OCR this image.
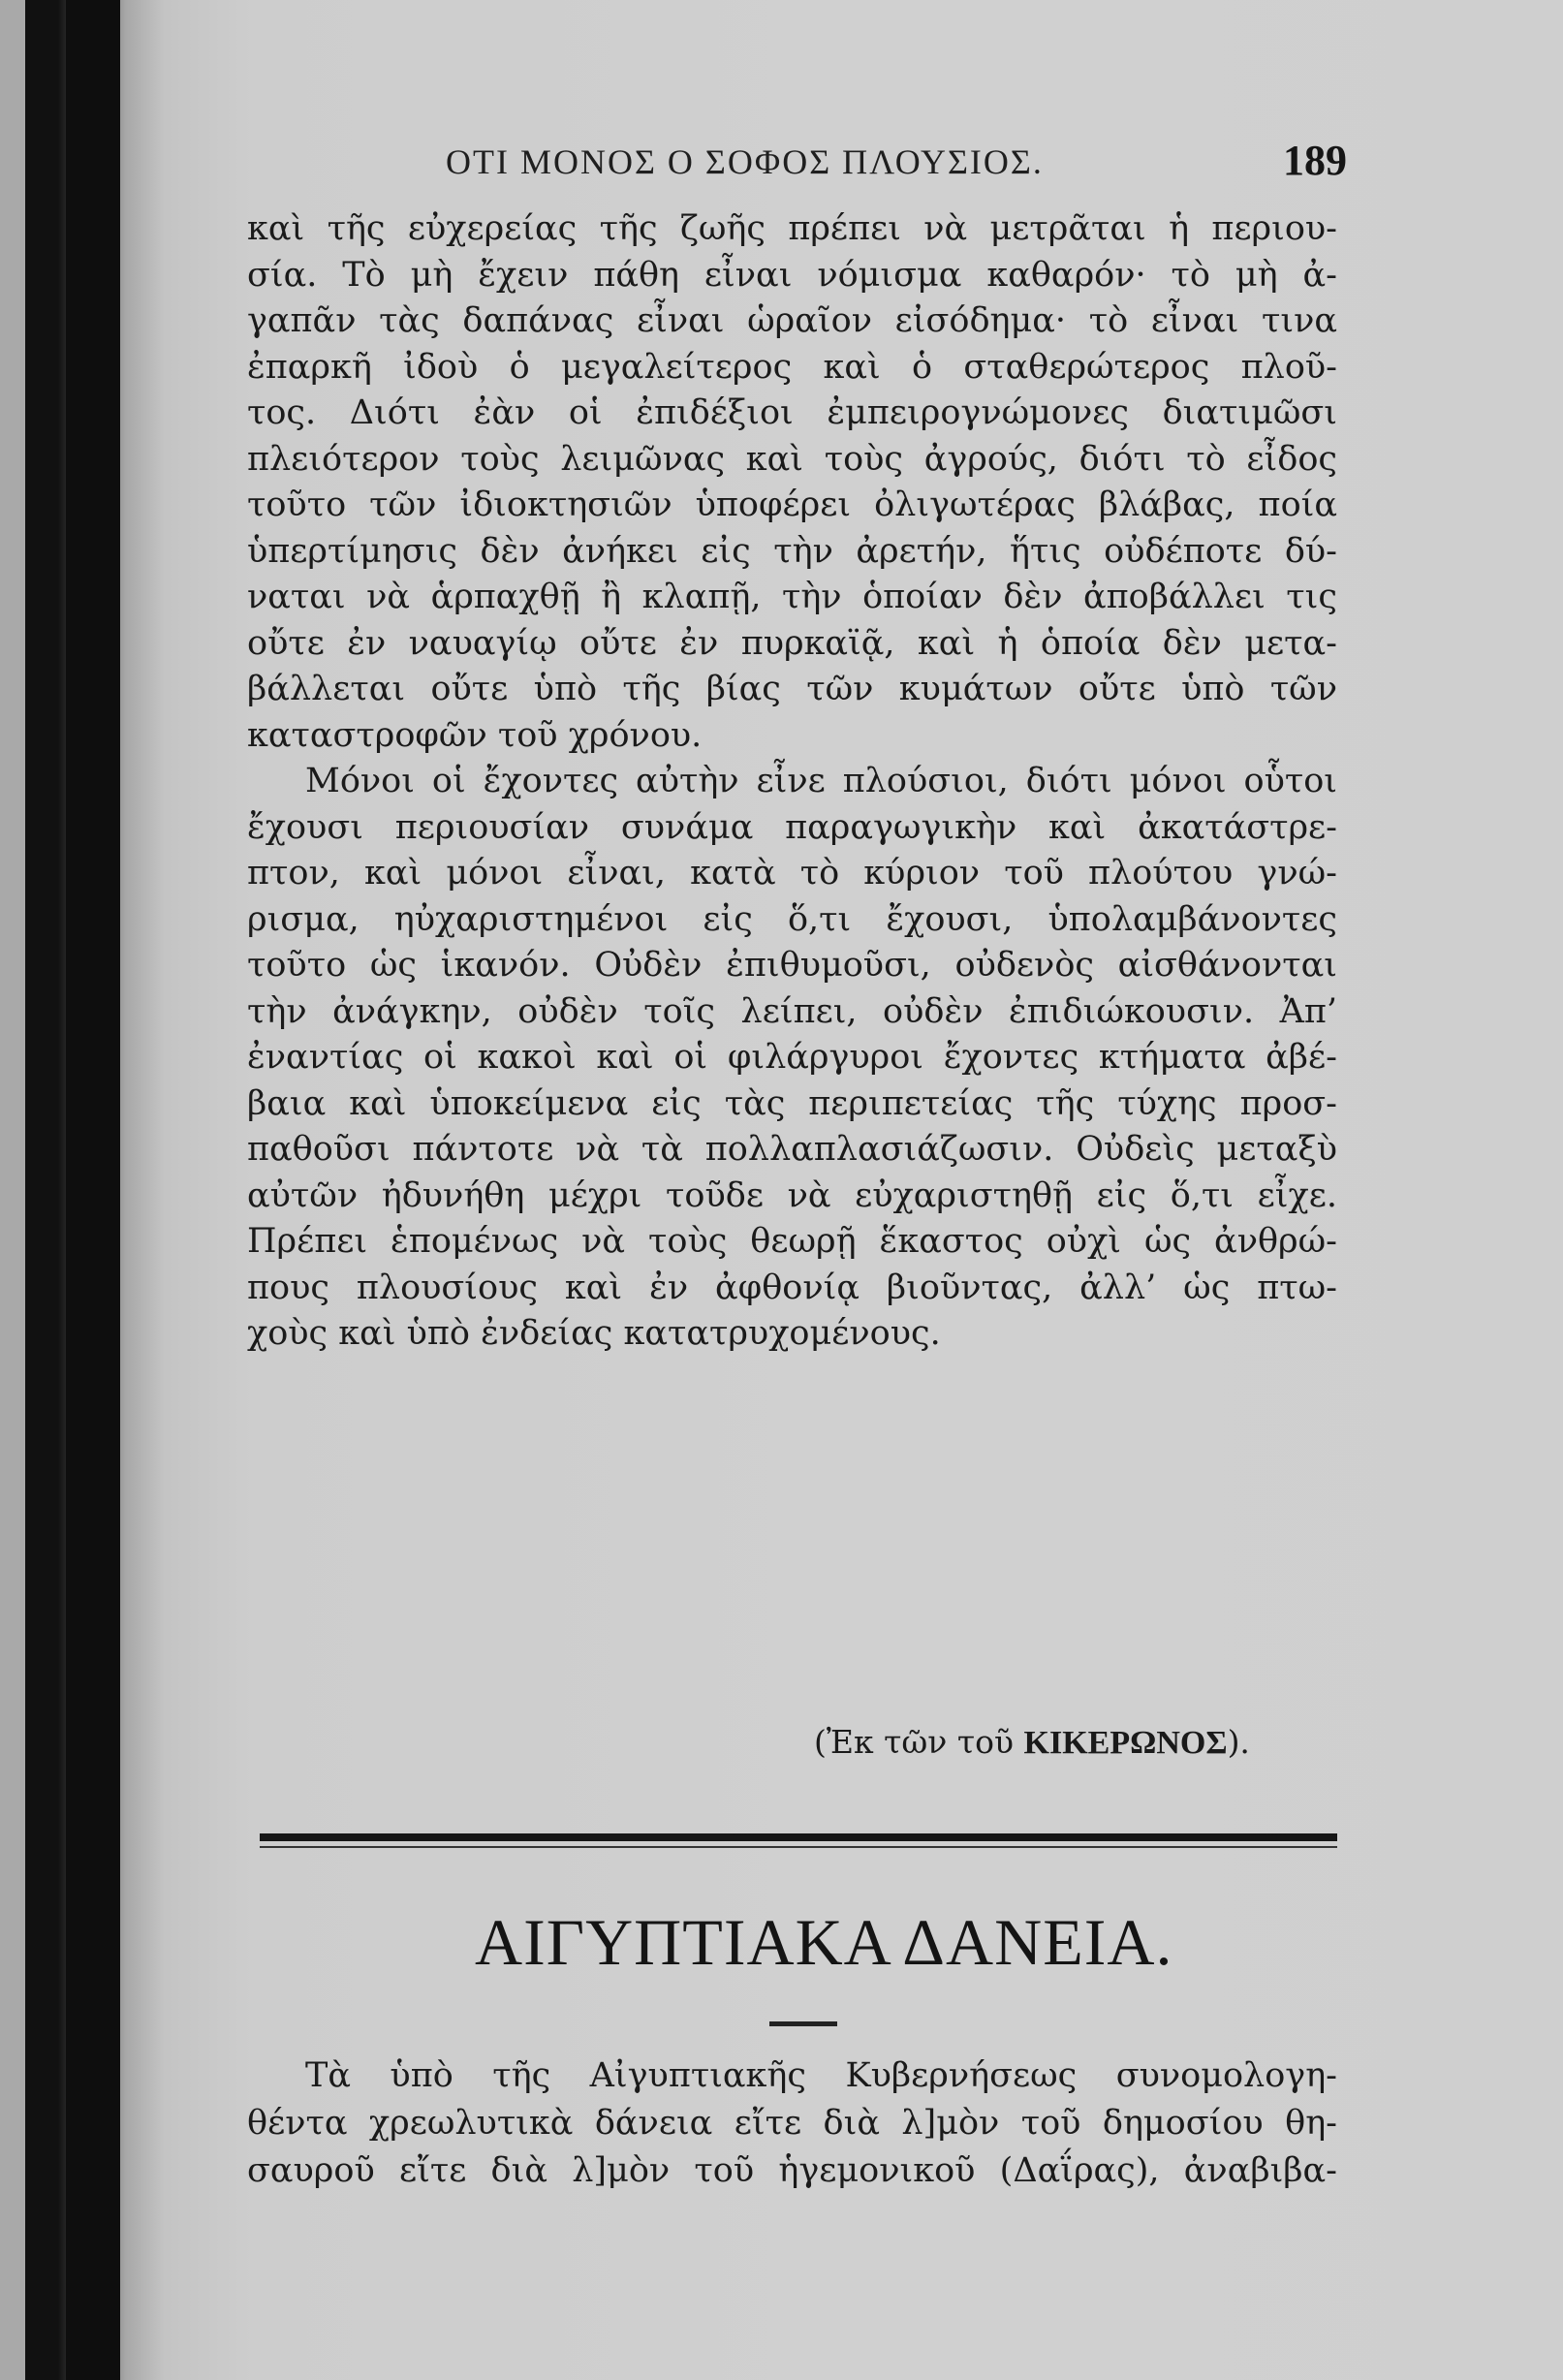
ΟΤΙ ΜΟΝΟΣ Ο ΣΟΦΟΣ ΠΛΟΥΣΙΟΣ.	189
καὶ τῆς εὐχερείας τῆς ζωῆς πρέπει νὰ μετρᾶται ἡ περιου-
σία. Τὸ μὴ ἔχειν πάθη εἶναι νόμισμα καθαρόν· τὸ μὴ ἀ-
γαπᾶν τὰς δαπάνας εἶναι ὡραῖον εἰσόδημα· τὸ εἶναι τινα
ἐπαρκῆ ἰδοὺ ὁ μεγαλείτερος καὶ ὁ σταθερώτερος πλοῦ-
τος. Διότι ἐὰν οἱ ἐπιδέξιοι ἐμπειρογνώμονες διατιμῶσι
πλειότερον τοὺς λειμῶνας καὶ τοὺς ἀγρούς, διότι τὸ εἶδος
τοῦτο τῶν ἰδιοκτησιῶν ὑποφέρει ὀλιγωτέρας βλάβας, ποία
ὑπερτίμησις δὲν ἀνήκει εἰς τὴν ἀρετήν, ἥτις οὐδέποτε δύ-
ναται νὰ ἁρπαχθῇ ἢ κλαπῇ, τὴν ὁποίαν δὲν ἀποβάλλει τις
οὔτε ἐν ναυαγίῳ οὔτε ἐν πυρκαϊᾷ, καὶ ἡ ὁποία δὲν μετα-
βάλλεται οὔτε ὑπὸ τῆς βίας τῶν κυμάτων οὔτε ὑπὸ τῶν
καταστροφῶν τοῦ χρόνου.
Μόνοι οἱ ἔχοντες αὐτὴν εἶνε πλούσιοι, διότι μόνοι οὗτοι
ἔχουσι περιουσίαν συνάμα παραγωγικὴν καὶ ἀκατάστρε-
πτον, καὶ μόνοι εἶναι, κατὰ τὸ κύριον τοῦ πλούτου γνώ-
ρισμα, ηὐχαριστημένοι εἰς ὅ,τι ἔχουσι, ὑπολαμβάνοντες
τοῦτο ὡς ἱκανόν. Οὐδὲν ἐπιθυμοῦσι, οὐδενὸς αἰσθάνονται
τὴν ἀνάγκην, οὐδὲν τοῖς λείπει, οὐδὲν ἐπιδιώκουσιν. Ἀπ’
ἐναντίας οἱ κακοὶ καὶ οἱ φιλάργυροι ἔχοντες κτήματα ἀβέ-
βαια καὶ ὑποκείμενα εἰς τὰς περιπετείας τῆς τύχης προσ-
παθοῦσι πάντοτε νὰ τὰ πολλαπλασιάζωσιν. Οὐδεὶς μεταξὺ
αὐτῶν ἠδυνήθη μέχρι τοῦδε νὰ εὐχαριστηθῇ εἰς ὅ,τι εἶχε.
Πρέπει ἑπομένως νὰ τοὺς θεωρῇ ἕκαστος οὐχὶ ὡς ἀνθρώ-
πους πλουσίους καὶ ἐν ἀφθονίᾳ βιοῦντας, ἀλλ’ ὡς πτω-
χοὺς καὶ ὑπὸ ἐνδείας κατατρυχομένους.
(Ἐκ τῶν τοῦ ΚΙΚΕΡΩΝΟΣ).
ΑΙΓΥΠΤΙΑΚΑ ΔΑΝΕΙΑ.
Τὰ ὑπὸ τῆς Αἰγυπτιακῆς Κυβερνήσεως συνομολογη-
θέντα χρεωλυτικὰ δάνεια εἴτε διὰ λ]μὸν τοῦ δημοσίου θη-
σαυροῦ εἴτε διὰ λ]μὸν τοῦ ἡγεμονικοῦ (Δαΐρας), ἀναβιβα-
